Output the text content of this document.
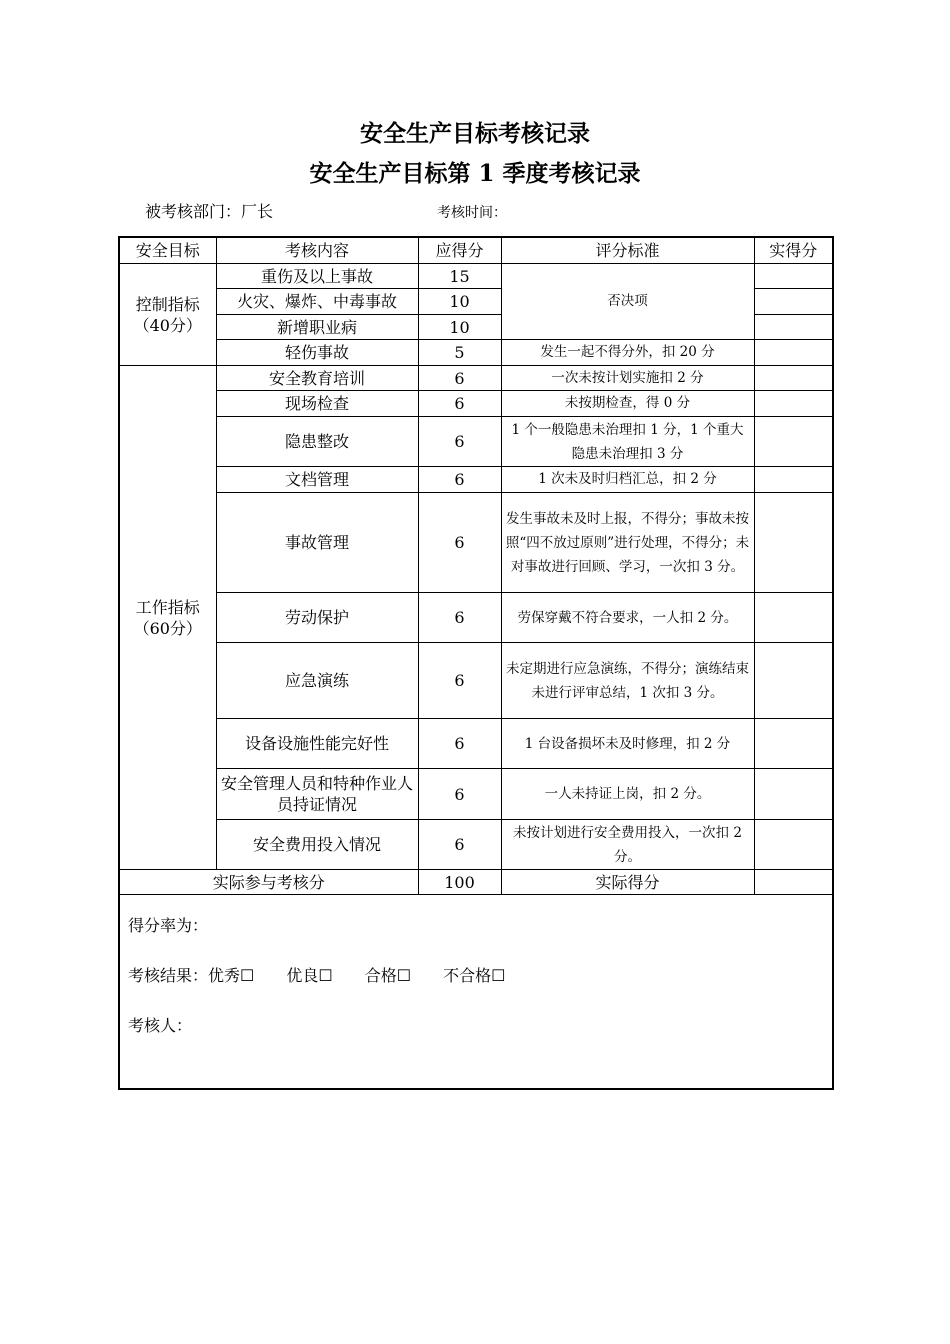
安全生产目标考核记录
安全生产目标第 1 季度考核记录
被考核部门：厂长	考核时间：
安全目标	考核内容	应得分	评分标准	实得分
控制指标（40分）	重伤及以上事故	15	否决项	
	火灾、爆炸、中毒事故	10		
	新增职业病	10		
	轻伤事故	5	发生一起不得分外，扣 20 分	
工作指标（60分）	安全教育培训	6	一次未按计划实施扣 2 分	
	现场检查	6	未按期检查，得 0 分	
	隐患整改	6	1 个一般隐患未治理扣 1 分，1 个重大隐患未治理扣 3 分	
	文档管理	6	1 次未及时归档汇总，扣 2 分	
	事故管理	6	发生事故未及时上报，不得分；事故未按照“四不放过原则”进行处理，不得分；未对事故进行回顾、学习，一次扣 3 分。	
	劳动保护	6	劳保穿戴不符合要求，一人扣 2 分。	
	应急演练	6	未定期进行应急演练，不得分；演练结束未进行评审总结，1 次扣 3 分。	
	设备设施性能完好性	6	1 台设备损坏未及时修理，扣 2 分	
	安全管理人员和特种作业人员持证情况	6	一人未持证上岗，扣 2 分。	
	安全费用投入情况	6	未按计划进行安全费用投入，一次扣 2 分。	
实际参与考核分		100	实际得分	

得分率为：
考核结果：优秀☐ 优良☐ 合格☐ 不合格☐
考核人：				
